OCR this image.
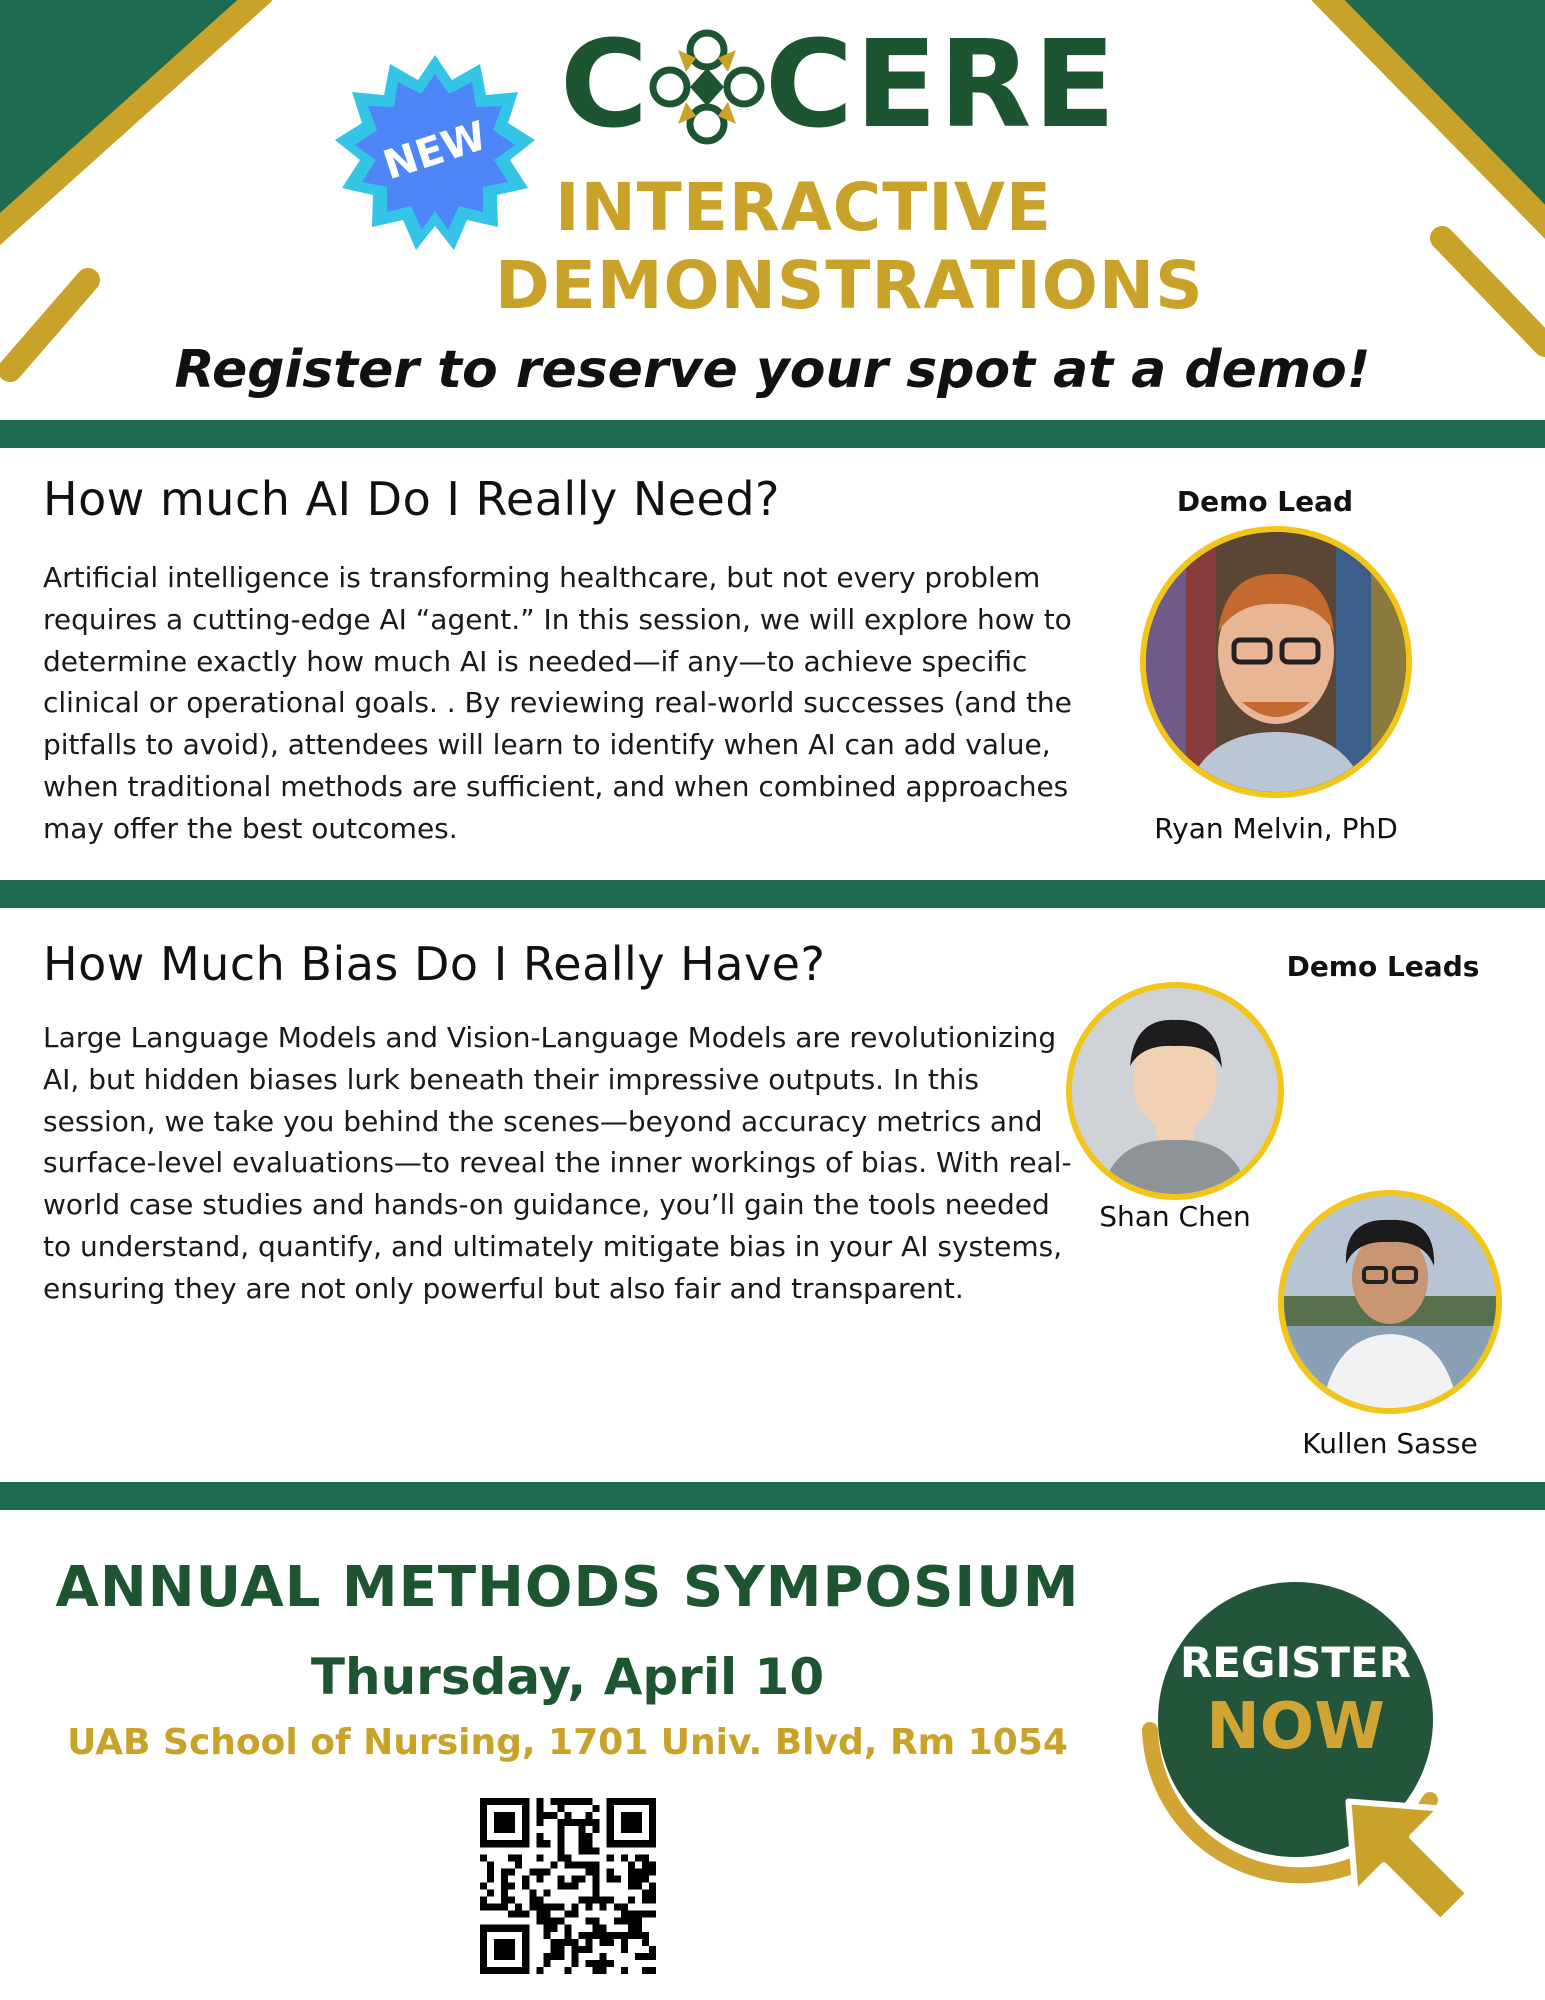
NEW C CERE
INTERACTIVE
DEMONSTRATIONS
Register to reserve your spot at a demo!
How much AI Do I Really Need?
Artificial intelligence is transforming healthcare, but not every problem requires a cutting-edge AI “agent.” In this session, we will explore how to determine exactly how much AI is needed—if any—to achieve specific clinical or operational goals. . By reviewing real-world successes (and the pitfalls to avoid), attendees will learn to identify when AI can add value, when traditional methods are sufficient, and when combined approaches may offer the best outcomes.
Demo Lead
Ryan Melvin, PhD
How Much Bias Do I Really Have?
Large Language Models and Vision-Language Models are revolutionizing AI, but hidden biases lurk beneath their impressive outputs. In this session, we take you behind the scenes—beyond accuracy metrics and surface-level evaluations—to reveal the inner workings of bias. With real-world case studies and hands-on guidance, you’ll gain the tools needed to understand, quantify, and ultimately mitigate bias in your AI systems, ensuring they are not only powerful but also fair and transparent.
Demo Leads
Shan Chen
Kullen Sasse
ANNUAL METHODS SYMPOSIUM
Thursday, April 10
UAB School of Nursing, 1701 Univ. Blvd, Rm 1054
REGISTER
NOW
